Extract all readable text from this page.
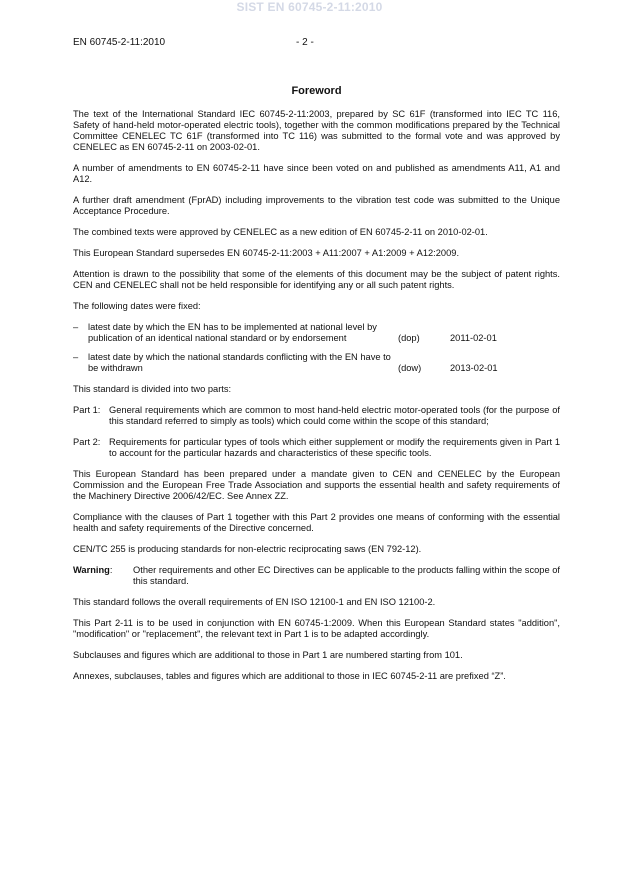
SIST EN 60745-2-11:2010
EN 60745-2-11:2010	- 2 -
Foreword

The text of the International Standard IEC 60745-2-11:2003, prepared by SC 61F (transformed into IEC TC 116, Safety of hand-held motor-operated electric tools), together with the common modifications prepared by the Technical Committee CENELEC TC 61F (transformed into TC 116) was submitted to the formal vote and was approved by CENELEC as EN 60745-2-11 on 2003-02-01.

A number of amendments to EN 60745-2-11 have since been voted on and published as amendments A11, A1 and A12.

A further draft amendment (FprAD) including improvements to the vibration test code was submitted to the Unique Acceptance Procedure.

The combined texts were approved by CENELEC as a new edition of EN 60745-2-11 on 2010-02-01.

This European Standard supersedes EN 60745-2-11:2003 + A11:2007 + A1:2009 + A12:2009.

Attention is drawn to the possibility that some of the elements of this document may be the subject of patent rights. CEN and CENELEC shall not be held responsible for identifying any or all such patent rights.

The following dates were fixed:

–	latest date by which the EN has to be implemented at national level by publication of an identical national standard or by endorsement	(dop)	2011-02-01
–	latest date by which the national standards conflicting with the EN have to be withdrawn	(dow)	2013-02-01

This standard is divided into two parts:

Part 1: General requirements which are common to most hand-held electric motor-operated tools (for the purpose of this standard referred to simply as tools) which could come within the scope of this standard;
Part 2: Requirements for particular types of tools which either supplement or modify the requirements given in Part 1 to account for the particular hazards and characteristics of these specific tools.

This European Standard has been prepared under a mandate given to CEN and CENELEC by the European Commission and the European Free Trade Association and supports the essential health and safety requirements of the Machinery Directive 2006/42/EC. See Annex ZZ.

Compliance with the clauses of Part 1 together with this Part 2 provides one means of conforming with the essential health and safety requirements of the Directive concerned.

CEN/TC 255 is producing standards for non-electric reciprocating saws (EN 792-12).

Warning:	Other requirements and other EC Directives can be applicable to the products falling within the scope of this standard.

This standard follows the overall requirements of EN ISO 12100-1 and EN ISO 12100-2.

This Part 2-11 is to be used in conjunction with EN 60745-1:2009. When this European Standard states "addition", "modification" or "replacement", the relevant text in Part 1 is to be adapted accordingly.

Subclauses and figures which are additional to those in Part 1 are numbered starting from 101.

Annexes, subclauses, tables and figures which are additional to those in IEC 60745-2-11 are prefixed “Z”.
